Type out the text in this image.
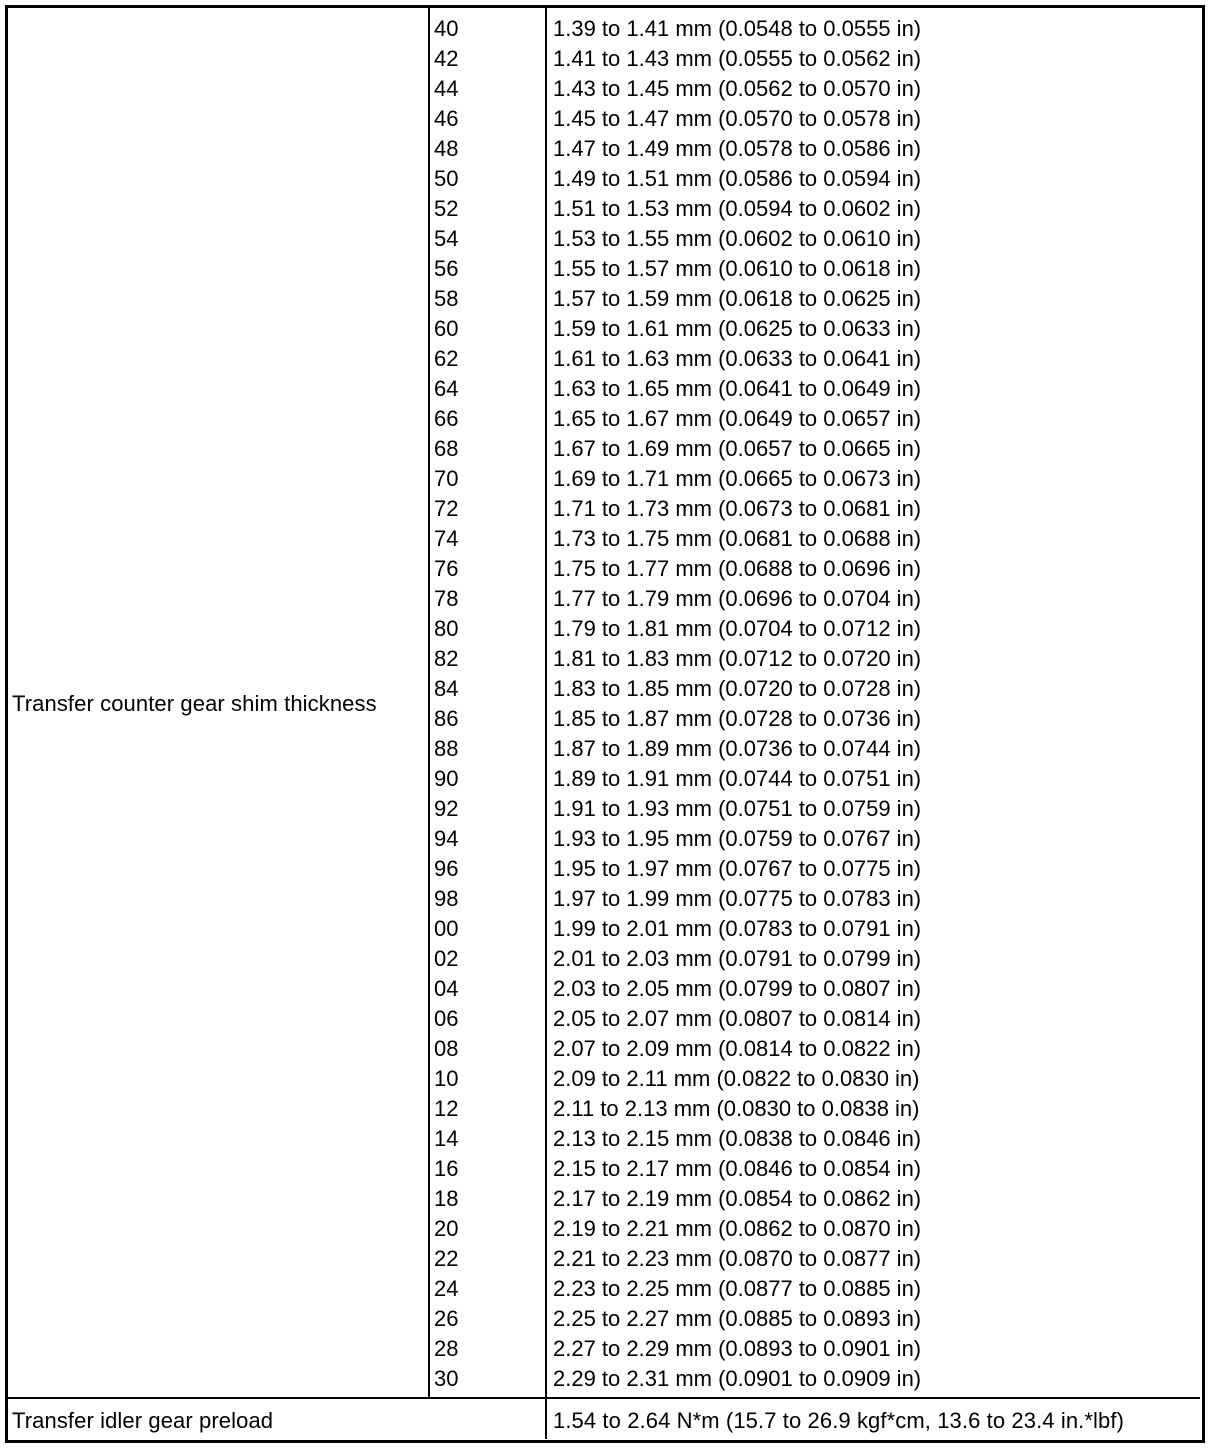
Transfer counter gear shim thickness
40
42
44
46
48
50
52
54
56
58
60
62
64
66
68
70
72
74
76
78
80
82
84
86
88
90
92
94
96
98
00
02
04
06
08
10
12
14
16
18
20
22
24
26
28
30
1.39 to 1.41 mm (0.0548 to 0.0555 in)
1.41 to 1.43 mm (0.0555 to 0.0562 in)
1.43 to 1.45 mm (0.0562 to 0.0570 in)
1.45 to 1.47 mm (0.0570 to 0.0578 in)
1.47 to 1.49 mm (0.0578 to 0.0586 in)
1.49 to 1.51 mm (0.0586 to 0.0594 in)
1.51 to 1.53 mm (0.0594 to 0.0602 in)
1.53 to 1.55 mm (0.0602 to 0.0610 in)
1.55 to 1.57 mm (0.0610 to 0.0618 in)
1.57 to 1.59 mm (0.0618 to 0.0625 in)
1.59 to 1.61 mm (0.0625 to 0.0633 in)
1.61 to 1.63 mm (0.0633 to 0.0641 in)
1.63 to 1.65 mm (0.0641 to 0.0649 in)
1.65 to 1.67 mm (0.0649 to 0.0657 in)
1.67 to 1.69 mm (0.0657 to 0.0665 in)
1.69 to 1.71 mm (0.0665 to 0.0673 in)
1.71 to 1.73 mm (0.0673 to 0.0681 in)
1.73 to 1.75 mm (0.0681 to 0.0688 in)
1.75 to 1.77 mm (0.0688 to 0.0696 in)
1.77 to 1.79 mm (0.0696 to 0.0704 in)
1.79 to 1.81 mm (0.0704 to 0.0712 in)
1.81 to 1.83 mm (0.0712 to 0.0720 in)
1.83 to 1.85 mm (0.0720 to 0.0728 in)
1.85 to 1.87 mm (0.0728 to 0.0736 in)
1.87 to 1.89 mm (0.0736 to 0.0744 in)
1.89 to 1.91 mm (0.0744 to 0.0751 in)
1.91 to 1.93 mm (0.0751 to 0.0759 in)
1.93 to 1.95 mm (0.0759 to 0.0767 in)
1.95 to 1.97 mm (0.0767 to 0.0775 in)
1.97 to 1.99 mm (0.0775 to 0.0783 in)
1.99 to 2.01 mm (0.0783 to 0.0791 in)
2.01 to 2.03 mm (0.0791 to 0.0799 in)
2.03 to 2.05 mm (0.0799 to 0.0807 in)
2.05 to 2.07 mm (0.0807 to 0.0814 in)
2.07 to 2.09 mm (0.0814 to 0.0822 in)
2.09 to 2.11 mm (0.0822 to 0.0830 in)
2.11 to 2.13 mm (0.0830 to 0.0838 in)
2.13 to 2.15 mm (0.0838 to 0.0846 in)
2.15 to 2.17 mm (0.0846 to 0.0854 in)
2.17 to 2.19 mm (0.0854 to 0.0862 in)
2.19 to 2.21 mm (0.0862 to 0.0870 in)
2.21 to 2.23 mm (0.0870 to 0.0877 in)
2.23 to 2.25 mm (0.0877 to 0.0885 in)
2.25 to 2.27 mm (0.0885 to 0.0893 in)
2.27 to 2.29 mm (0.0893 to 0.0901 in)
2.29 to 2.31 mm (0.0901 to 0.0909 in)
Transfer idler gear preload	1.54 to 2.64 N*m (15.7 to 26.9 kgf*cm, 13.6 to 23.4 in.*lbf)
